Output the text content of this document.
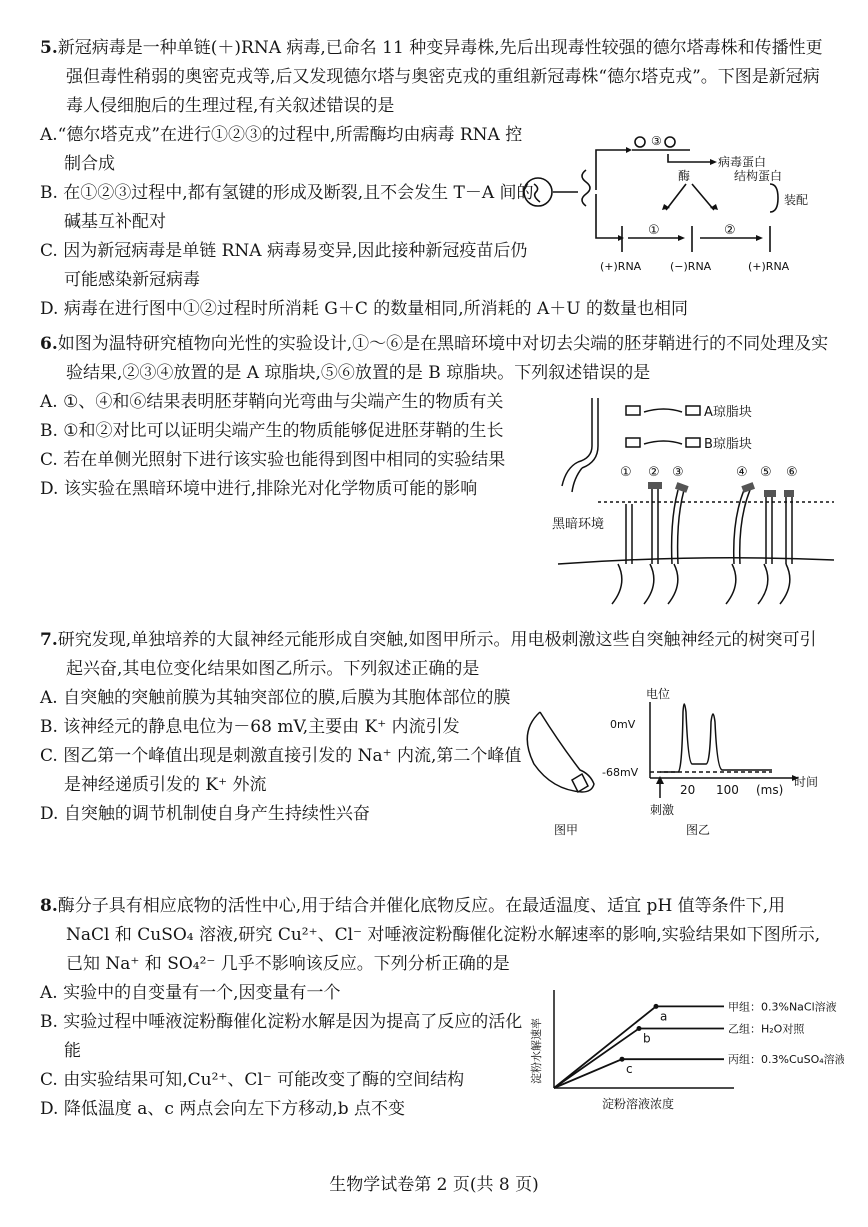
5.新冠病毒是一种单链(＋)RNA 病毒,已命名 11 种变异毒株,先后出现毒性较强的德尔塔毒株和传播性更强但毒性稍弱的奥密克戎等,后又发现德尔塔与奥密克戎的重组新冠毒株“德尔塔克戎”。下图是新冠病毒人侵细胞后的生理过程,有关叙述错误的是

A.“德尔塔克戎”在进行①②③的过程中,所需酶均由病毒 RNA 控制合成

B. 在①②③过程中,都有氢键的形成及断裂,且不会发生 T－A 间的碱基互补配对

C. 因为新冠病毒是单链 RNA 病毒易变异,因此接种新冠疫苗后仍可能感染新冠病毒

D. 病毒在进行图中①②过程时所消耗 G＋C 的数量相同,所消耗的 A＋U 的数量也相同

③
病毒蛋白
酶	结构蛋白
装配
①	②
(+)RNA	(−)RNA	(+)RNA

6.如图为温特研究植物向光性的实验设计,①～⑥是在黑暗环境中对切去尖端的胚芽鞘进行的不同处理及实验结果,②③④放置的是 A 琼脂块,⑤⑥放置的是 B 琼脂块。下列叙述错误的是

A. ①、④和⑥结果表明胚芽鞘向光弯曲与尖端产生的物质有关

B. ①和②对比可以证明尖端产生的物质能够促进胚芽鞘的生长

C. 若在单侧光照射下进行该实验也能得到图中相同的实验结果

D. 该实验在黑暗环境中进行,排除光对化学物质可能的影响

A琼脂块
B琼脂块
① ② ③	④ ⑤ ⑥
黑暗环境

7.研究发现,单独培养的大鼠神经元能形成自突触,如图甲所示。用电极刺激这些自突触神经元的树突可引起兴奋,其电位变化结果如图乙所示。下列叙述正确的是

A. 自突触的突触前膜为其轴突部位的膜,后膜为其胞体部位的膜

B. 该神经元的静息电位为－68 mV,主要由 K⁺ 内流引发

C. 图乙第一个峰值出现是刺激直接引发的 Na⁺ 内流,第二个峰值是神经递质引发的 K⁺ 外流

D. 自突触的调节机制使自身产生持续性兴奋

电位
0mV
-68mV
时间
20 100 (ms)
刺激
图甲	图乙

8.酶分子具有相应底物的活性中心,用于结合并催化底物反应。在最适温度、适宜 pH 值等条件下,用 NaCl 和 CuSO₄ 溶液,研究 Cu²⁺、Cl⁻ 对唾液淀粉酶催化淀粉水解速率的影响,实验结果如下图所示,已知 Na⁺ 和 SO₄²⁻ 几乎不影响该反应。下列分析正确的是

A. 实验中的自变量有一个,因变量有一个

B. 实验过程中唾液淀粉酶催化淀粉水解是因为提高了反应的活化能

C. 由实验结果可知,Cu²⁺、Cl⁻ 可能改变了酶的空间结构

D. 降低温度 a、c 两点会向左下方移动,b 点不变

淀粉水解速率
淀粉溶液浓度
a
甲组：0.3%NaCl溶液
b
乙组：H₂O对照
c
丙组：0.3%CuSO₄溶液
生物学试卷第 2 页(共 8 页)
